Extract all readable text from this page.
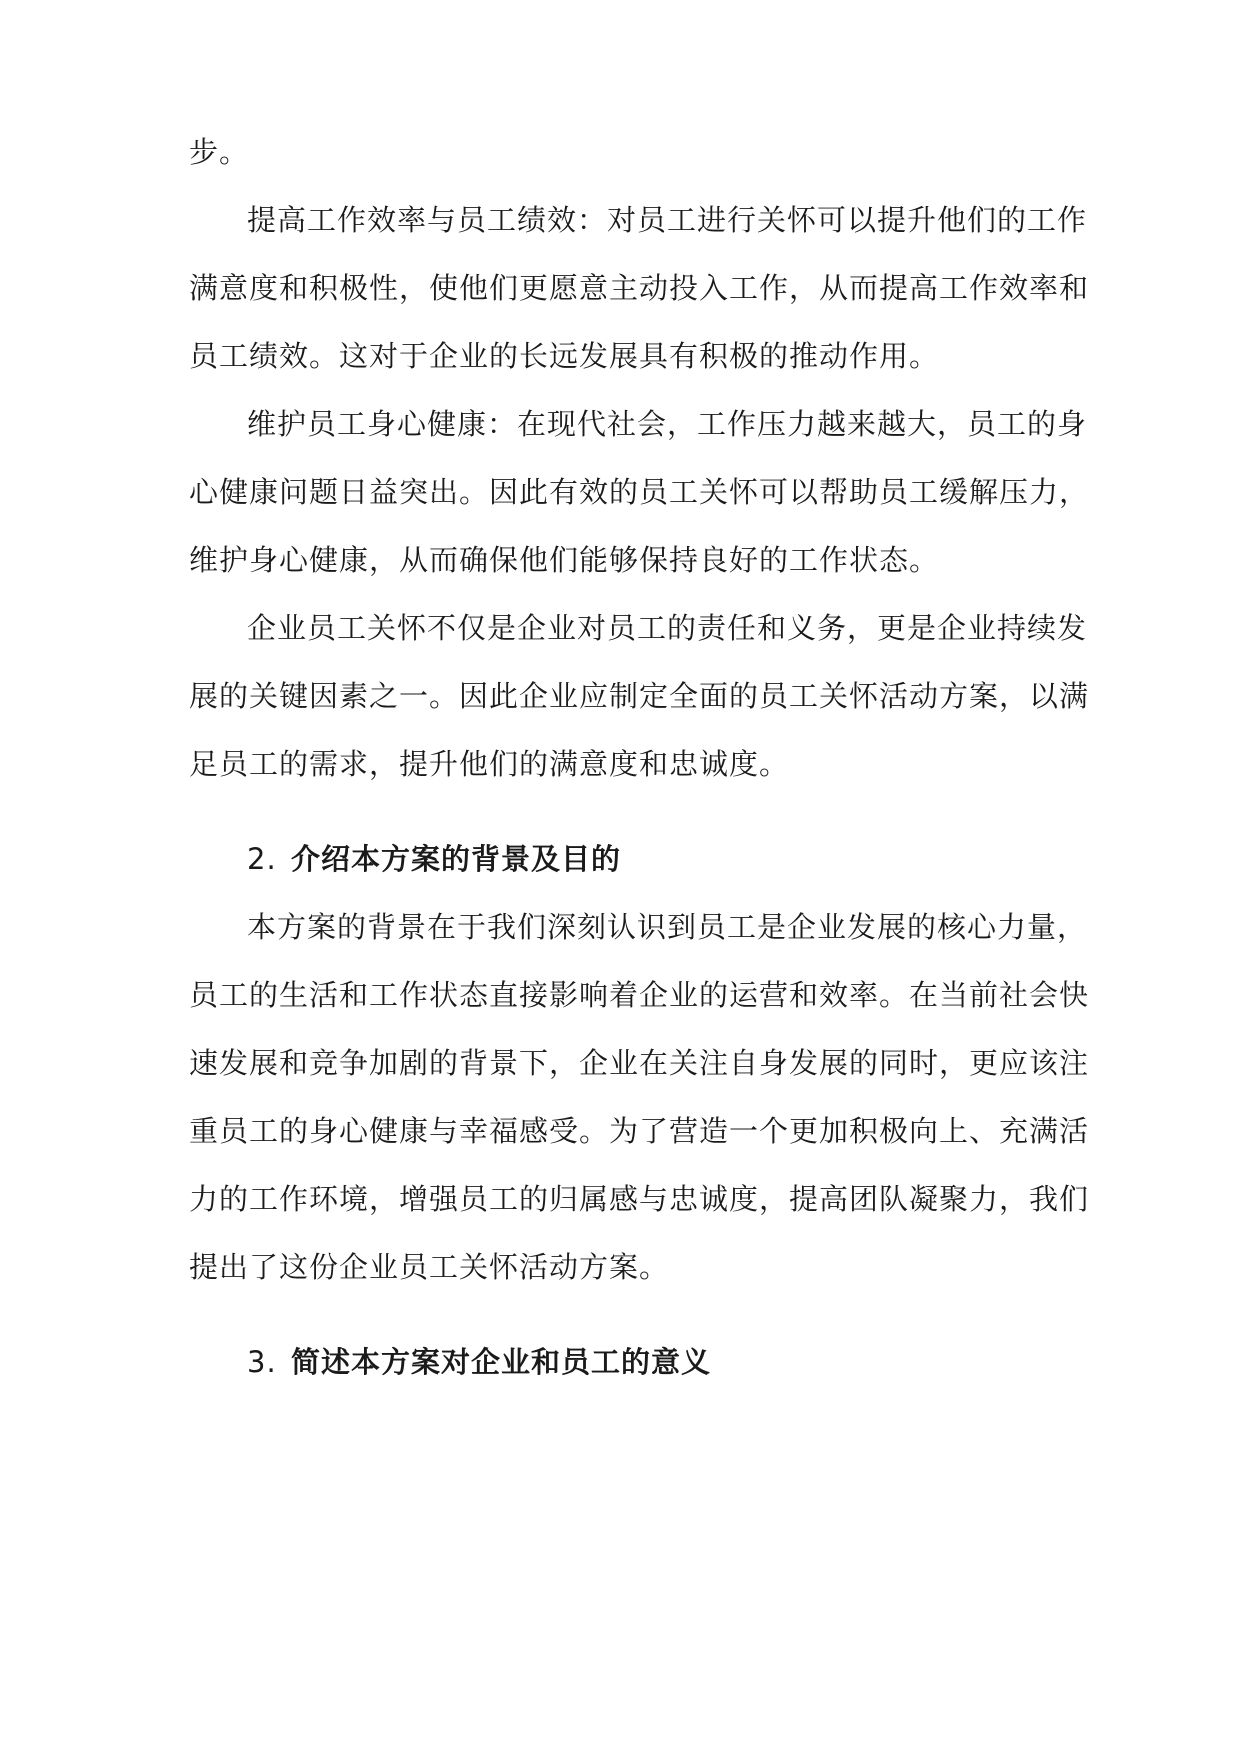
步。
提高工作效率与员工绩效：对员工进行关怀可以提升他们的工作
满意度和积极性，使他们更愿意主动投入工作，从而提高工作效率和
员工绩效。这对于企业的长远发展具有积极的推动作用。
维护员工身心健康：在现代社会，工作压力越来越大，员工的身
心健康问题日益突出。因此有效的员工关怀可以帮助员工缓解压力，
维护身心健康，从而确保他们能够保持良好的工作状态。
企业员工关怀不仅是企业对员工的责任和义务，更是企业持续发
展的关键因素之一。因此企业应制定全面的员工关怀活动方案，以满
足员工的需求，提升他们的满意度和忠诚度。
2. 介绍本方案的背景及目的
本方案的背景在于我们深刻认识到员工是企业发展的核心力量，
员工的生活和工作状态直接影响着企业的运营和效率。在当前社会快
速发展和竞争加剧的背景下，企业在关注自身发展的同时，更应该注
重员工的身心健康与幸福感受。为了营造一个更加积极向上、充满活
力的工作环境，增强员工的归属感与忠诚度，提高团队凝聚力，我们
提出了这份企业员工关怀活动方案。
3. 简述本方案对企业和员工的意义
